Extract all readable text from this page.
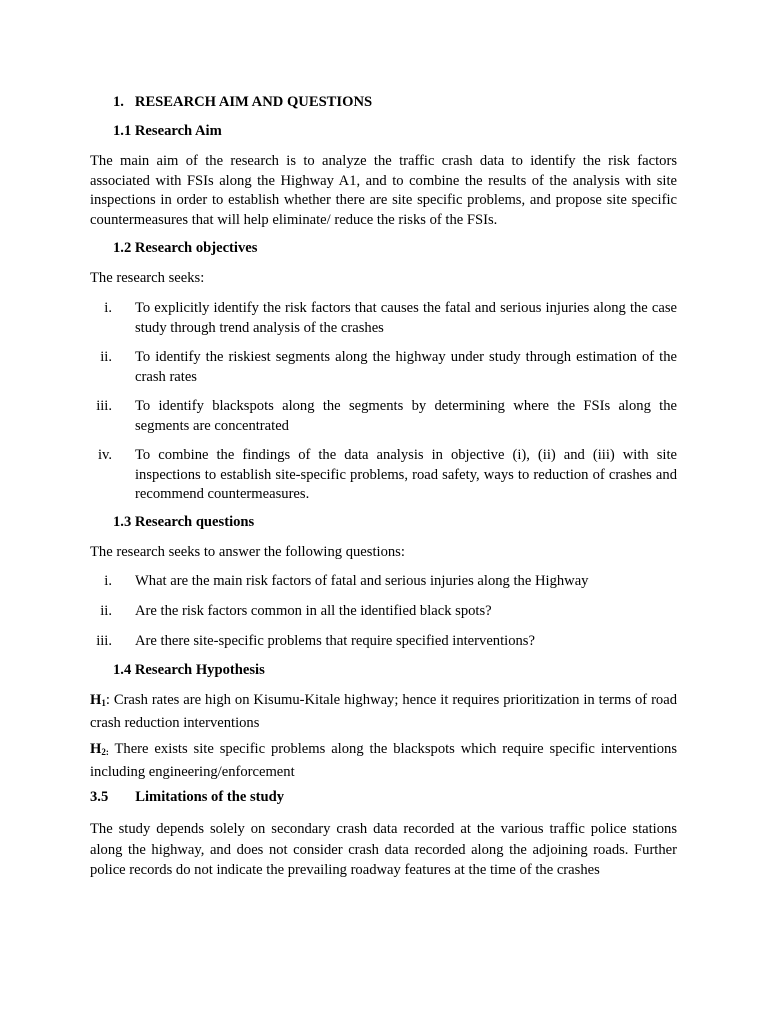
1. RESEARCH AIM AND QUESTIONS
1.1 Research Aim

The main aim of the research is to analyze the traffic crash data to identify the risk factors associated with FSIs along the Highway A1, and to combine the results of the analysis with site inspections in order to establish whether there are site specific problems, and propose site specific countermeasures that will help eliminate/ reduce the risks of the FSIs.

1.2 Research objectives

The research seeks:

i. To explicitly identify the risk factors that causes the fatal and serious injuries along the case study through trend analysis of the crashes
ii. To identify the riskiest segments along the highway under study through estimation of the crash rates
iii. To identify blackspots along the segments by determining where the FSIs along the segments are concentrated
iv. To combine the findings of the data analysis in objective (i), (ii) and (iii) with site inspections to establish site-specific problems, road safety, ways to reduction of crashes and recommend countermeasures.
1.3 Research questions

The research seeks to answer the following questions:

i. What are the main risk factors of fatal and serious injuries along the Highway
ii. Are the risk factors common in all the identified black spots?
iii. Are there site-specific problems that require specified interventions?
1.4 Research Hypothesis

$H_1$: Crash rates are high on Kisumu-Kitale highway; hence it requires prioritization in terms of road crash reduction interventions

$H_{2:}$ There exists site specific problems along the blackspots which require specific interventions including engineering/enforcement

3.5 Limitations of the study

The study depends solely on secondary crash data recorded at the various traffic police stations along the highway, and does not consider crash data recorded along the adjoining roads. Further police records do not indicate the prevailing roadway features at the time of the crashes
